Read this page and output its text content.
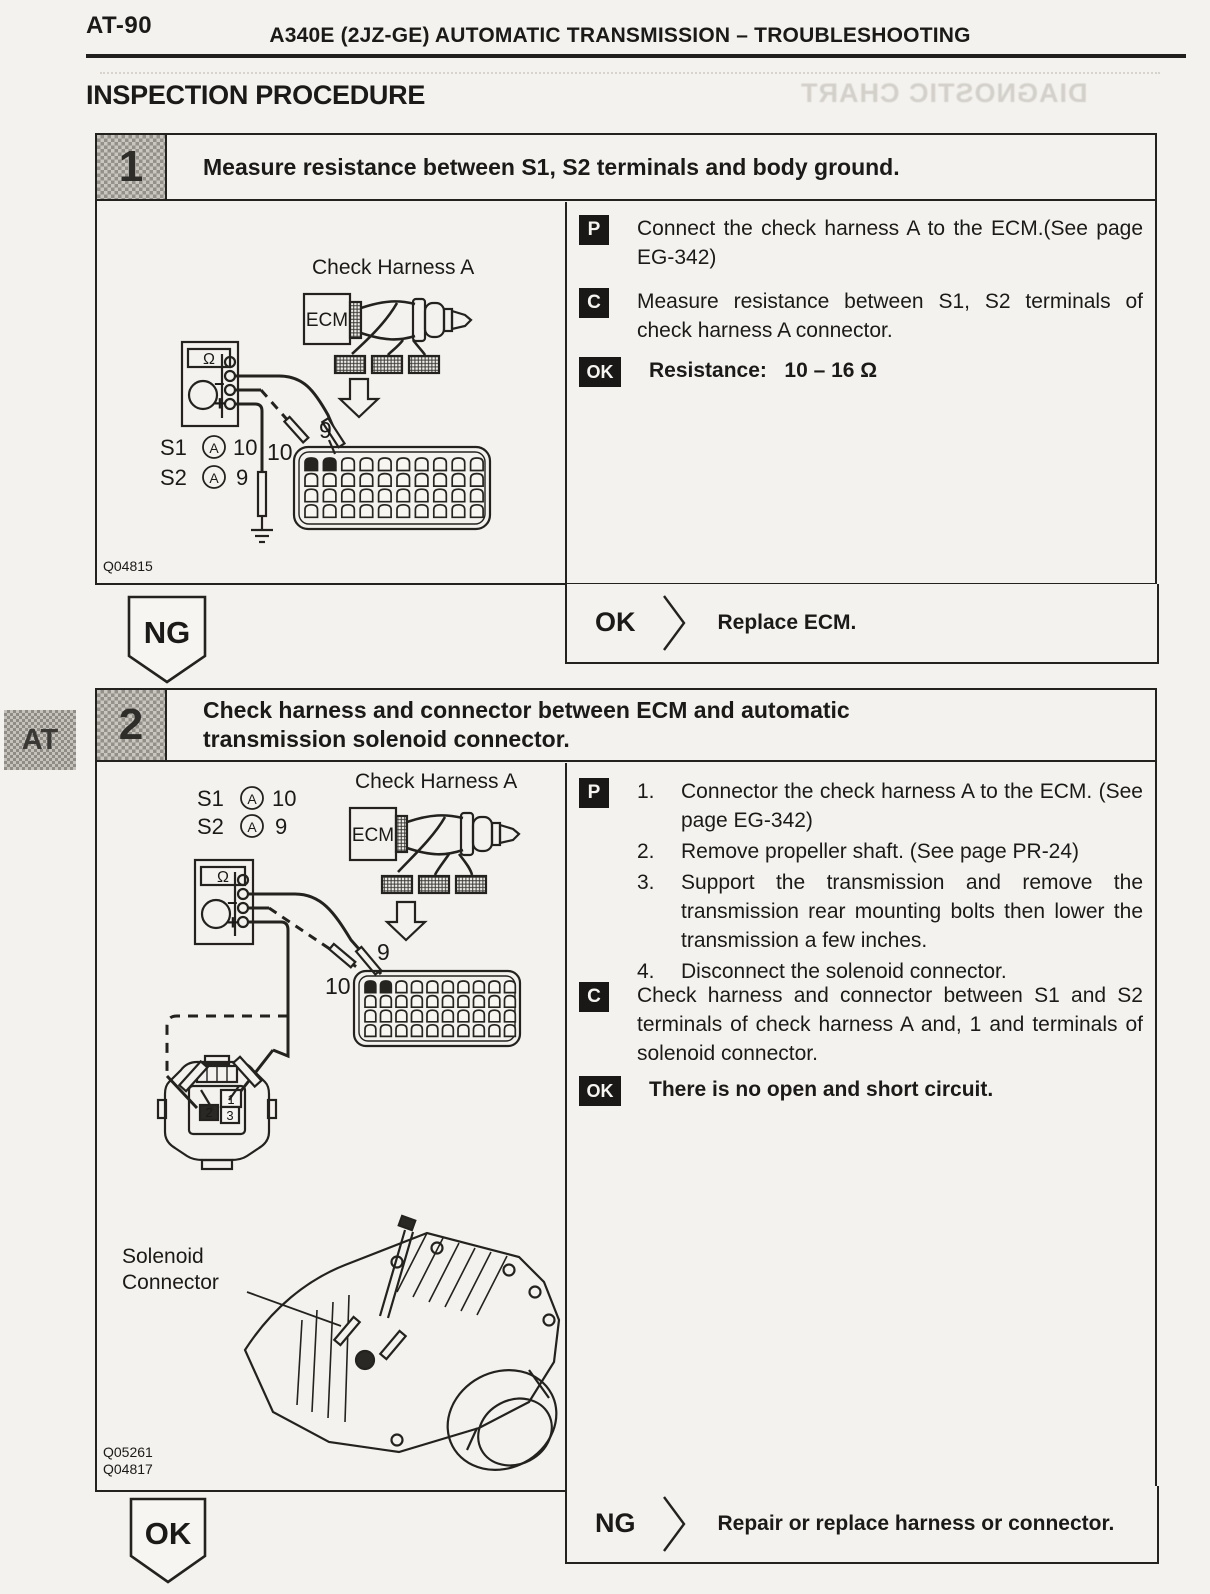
DIAGNOSTIC CHART
AT-90	A340E (2JZ-GE) AUTOMATIC TRANSMISSION – TROUBLESHOOTING
INSPECTION PROCEDURE
AT
1	Measure resistance between S1, S2 terminals and body ground.
P	Connect the check harness A to the ECM.(See page EG-342)
C	Measure resistance between S1, S2 terminals of check harness A connector.
OK	Resistance:   10 – 16 Ω
Check Harness A
ECM
Ω
−
+
S1 A 10
S2 A 9
9
10
Q04815
OK	Replace ECM.
NG
2	Check harness and connector between ECM and automatic
transmission solenoid connector.
P	1.	Connector the check harness A to the ECM. (See page EG-342)
2.	Remove propeller shaft. (See page PR-24)
3.	Support the transmission and remove the transmission rear mounting bolts then lower the transmission a few inches.
4.	Disconnect the solenoid connector.
C	Check harness and connector between S1 and S2 terminals of check harness A and, 1 and terminals of solenoid connector.
OK	There is no open and short circuit.
Check Harness A
ECM
Ω
−
+
S1 A 10
S2 A 9
9
10
1
2 3
Solenoid
Connector
Q05261
Q04817
NG	Repair or replace harness or connector.
OK
